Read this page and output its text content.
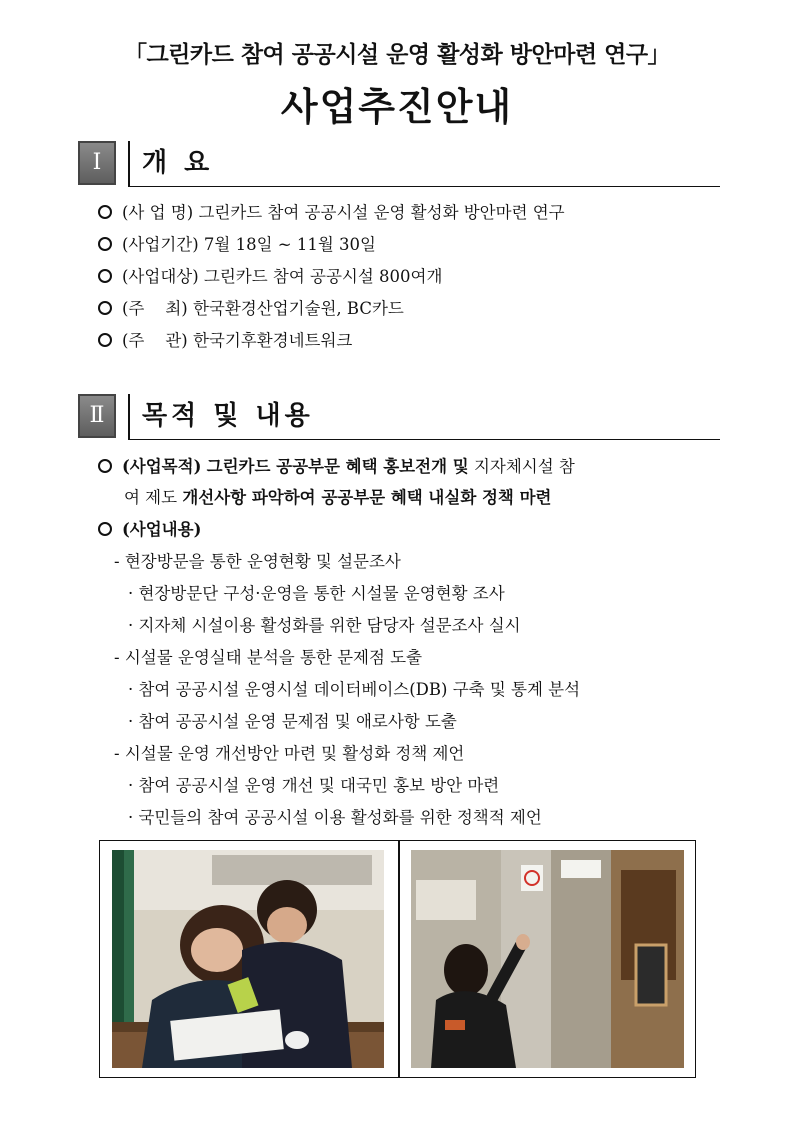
「그린카드 참여 공공시설 운영 활성화 방안마련 연구」
사업추진안내
Ⅰ	개 요
(사 업 명) 그린카드 참여 공공시설 운영 활성화 방안마련 연구
(사업기간) 7월 18일 ~ 11월 30일
(사업대상) 그린카드 참여 공공시설 800여개
(주    최) 한국환경산업기술원, BC카드
(주    관) 한국기후환경네트워크
Ⅱ	목적 및 내용
(사업목적) 그린카드 공공부문 혜택 홍보전개 및 지자체시설 참
여 제도 개선사항 파악하여 공공부문 혜택 내실화 정책 마련
(사업내용)
- 현장방문을 통한 운영현황 및 설문조사
· 현장방문단 구성·운영을 통한 시설물 운영현황 조사
· 지자체 시설이용 활성화를 위한 담당자 설문조사 실시
- 시설물 운영실태 분석을 통한 문제점 도출
· 참여 공공시설 운영시설 데이터베이스(DB) 구축 및 통계 분석
· 참여 공공시설 운영 문제점 및 애로사항 도출
- 시설물 운영 개선방안 마련 및 활성화 정책 제언
· 참여 공공시설 운영 개선 및 대국민 홍보 방안 마련
· 국민들의 참여 공공시설 이용 활성화를 위한 정책적 제언
